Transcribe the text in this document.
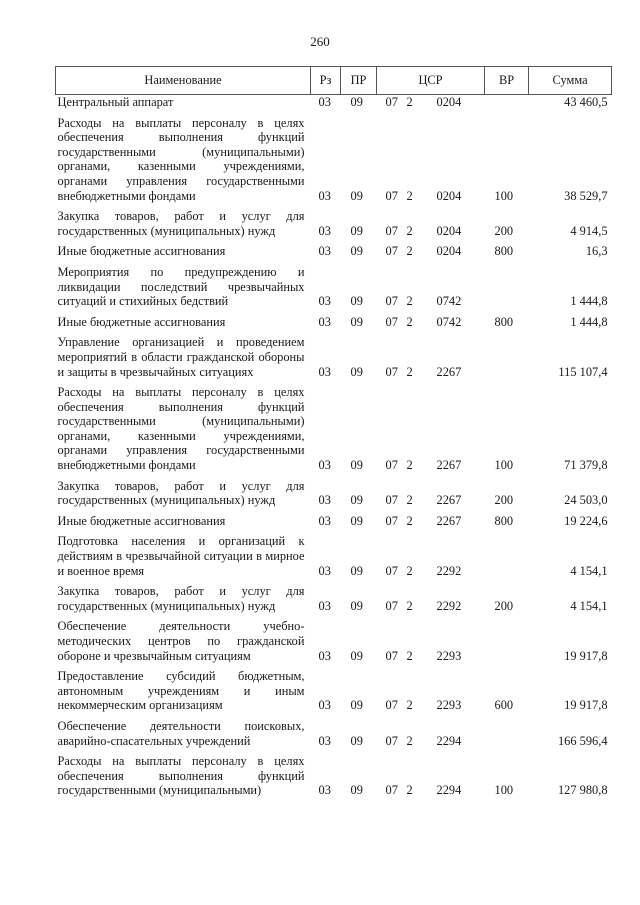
260
Наименование	Рз	ПР	ЦСР			ВР	Сумма
Центральный аппарат	03	09	07	2	0204		43 460,5
Расходы на выплаты персоналу в целях обеспечения выполнения функций государственными (муниципальными) органами, казенными учреждениями, органами управления государственными внебюджетными фондами	03	09	07	2	0204	100	38 529,7
Закупка товаров, работ и услуг для государственных (муниципальных) нужд	03	09	07	2	0204	200	4 914,5
Иные бюджетные ассигнования	03	09	07	2	0204	800	16,3
Мероприятия по предупреждению и ликвидации последствий чрезвычайных ситуаций и стихийных бедствий	03	09	07	2	0742		1 444,8
Иные бюджетные ассигнования	03	09	07	2	0742	800	1 444,8
Управление организацией и проведением мероприятий в области гражданской обороны и защиты в чрезвычайных ситуациях	03	09	07	2	2267		115 107,4
Расходы на выплаты персоналу в целях обеспечения выполнения функций государственными (муниципальными) органами, казенными учреждениями, органами управления государственными внебюджетными фондами	03	09	07	2	2267	100	71 379,8
Закупка товаров, работ и услуг для государственных (муниципальных) нужд	03	09	07	2	2267	200	24 503,0
Иные бюджетные ассигнования	03	09	07	2	2267	800	19 224,6
Подготовка населения и организаций к действиям в чрезвычайной ситуации в мирное и военное время	03	09	07	2	2292		4 154,1
Закупка товаров, работ и услуг для государственных (муниципальных) нужд	03	09	07	2	2292	200	4 154,1
Обеспечение деятельности учебно-методических центров по гражданской обороне и чрезвычайным ситуациям	03	09	07	2	2293		19 917,8
Предоставление субсидий бюджетным, автономным учреждениям и иным некоммерческим организациям	03	09	07	2	2293	600	19 917,8
Обеспечение деятельности поисковых, аварийно-спасательных учреждений	03	09	07	2	2294		166 596,4
Расходы на выплаты персоналу в целях обеспечения выполнения функций государственными (муниципальными)	03	09	07	2	2294	100	127 980,8
